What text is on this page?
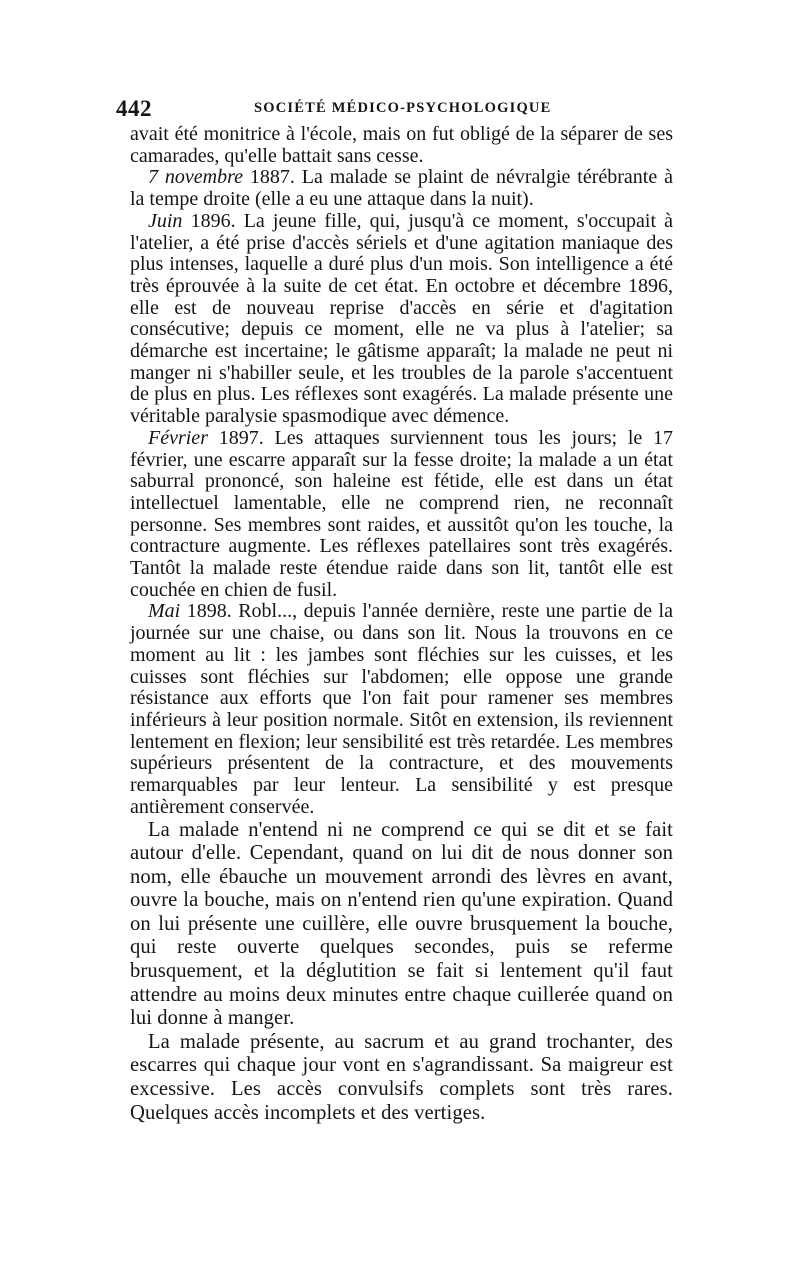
442	SOCIÉTÉ MÉDICO-PSYCHOLOGIQUE

avait été monitrice à l'école, mais on fut obligé de la séparer de ses camarades, qu'elle battait sans cesse.

7 novembre 1887. La malade se plaint de névralgie térébrante à la tempe droite (elle a eu une attaque dans la nuit).

Juin 1896. La jeune fille, qui, jusqu'à ce moment, s'occupait à l'atelier, a été prise d'accès sériels et d'une agitation maniaque des plus intenses, laquelle a duré plus d'un mois. Son intelligence a été très éprouvée à la suite de cet état. En octobre et décembre 1896, elle est de nouveau reprise d'accès en série et d'agitation consécutive; depuis ce moment, elle ne va plus à l'atelier; sa démarche est incertaine; le gâtisme apparaît; la malade ne peut ni manger ni s'habiller seule, et les troubles de la parole s'accentuent de plus en plus. Les réflexes sont exagérés. La malade présente une véritable paralysie spasmodique avec démence.

Février 1897. Les attaques surviennent tous les jours; le 17 février, une escarre apparaît sur la fesse droite; la malade a un état saburral prononcé, son haleine est fétide, elle est dans un état intellectuel lamentable, elle ne comprend rien, ne reconnaît personne. Ses membres sont raides, et aussitôt qu'on les touche, la contracture augmente. Les réflexes patellaires sont très exagérés. Tantôt la malade reste étendue raide dans son lit, tantôt elle est couchée en chien de fusil.

Mai 1898. Robl..., depuis l'année dernière, reste une partie de la journée sur une chaise, ou dans son lit. Nous la trouvons en ce moment au lit : les jambes sont fléchies sur les cuisses, et les cuisses sont fléchies sur l'abdomen; elle oppose une grande résistance aux efforts que l'on fait pour ramener ses membres inférieurs à leur position normale. Sitôt en extension, ils reviennent lentement en flexion; leur sensibilité est très retardée. Les membres supérieurs présentent de la contracture, et des mouvements remarquables par leur lenteur. La sensibilité y est presque antièrement conservée.

La malade n'entend ni ne comprend ce qui se dit et se fait autour d'elle. Cependant, quand on lui dit de nous donner son nom, elle ébauche un mouvement arrondi des lèvres en avant, ouvre la bouche, mais on n'entend rien qu'une expiration. Quand on lui présente une cuillère, elle ouvre brusquement la bouche, qui reste ouverte quelques secondes, puis se referme brusquement, et la déglutition se fait si lentement qu'il faut attendre au moins deux minutes entre chaque cuillerée quand on lui donne à manger.

La malade présente, au sacrum et au grand trochanter, des escarres qui chaque jour vont en s'agrandissant. Sa maigreur est excessive. Les accès convulsifs complets sont très rares. Quelques accès incomplets et des vertiges.
